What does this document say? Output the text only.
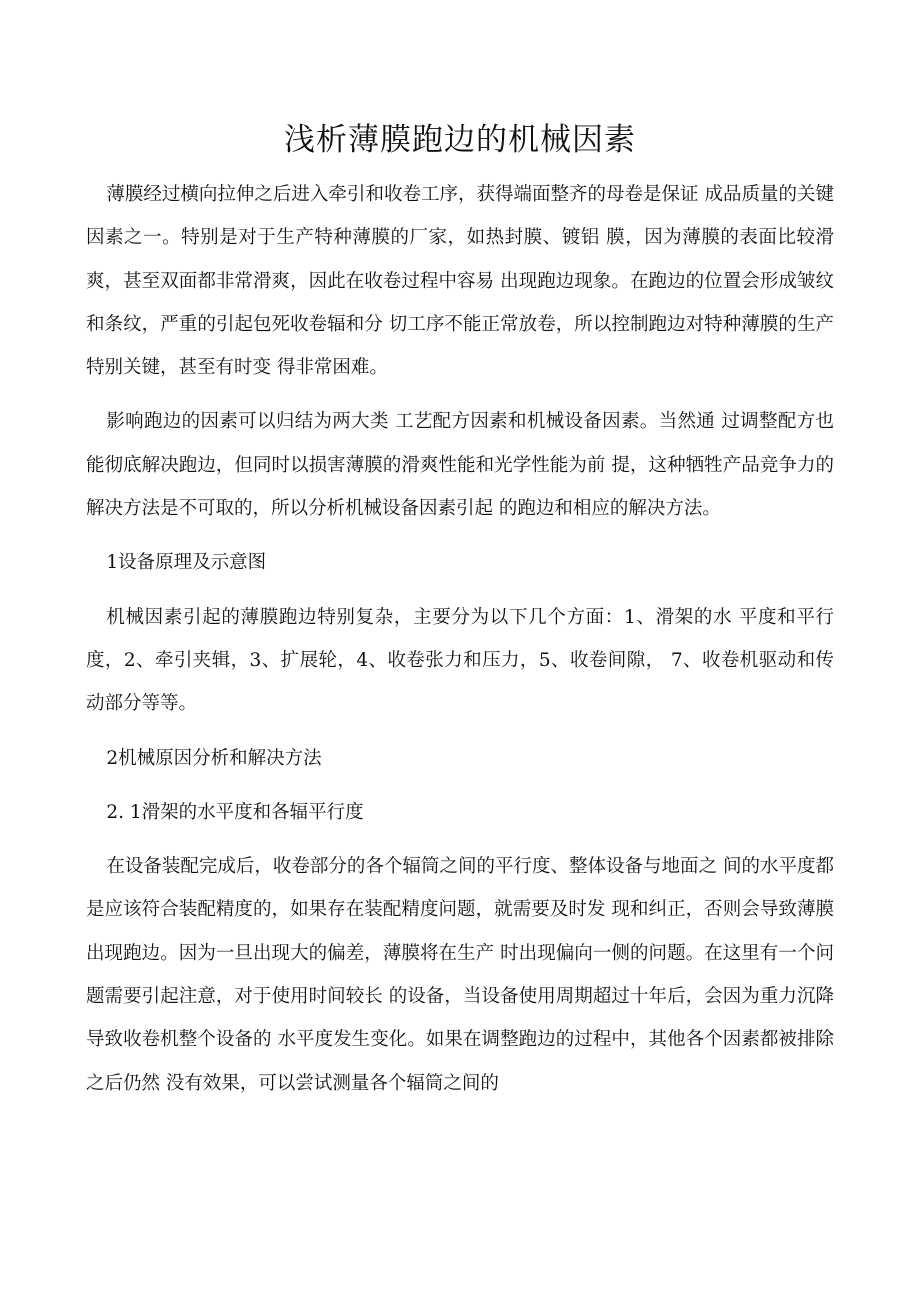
浅析薄膜跑边的机械因素

薄膜经过横向拉伸之后进入牵引和收卷工序，获得端面整齐的母卷是保证 成品质量的关键因素之一。特别是对于生产特种薄膜的厂家，如热封膜、镀铝 膜，因为薄膜的表面比较滑爽，甚至双面都非常滑爽，因此在收卷过程中容易 出现跑边现象。在跑边的位置会形成皱纹和条纹，严重的引起包死收卷辐和分 切工序不能正常放卷，所以控制跑边对特种薄膜的生产特别关键，甚至有时变 得非常困难。

影响跑边的因素可以归结为两大类 工艺配方因素和机械设备因素。当然通 过调整配方也能彻底解决跑边，但同时以损害薄膜的滑爽性能和光学性能为前 提，这种牺牲产品竞争力的解决方法是不可取的，所以分析机械设备因素引起 的跑边和相应的解决方法。

1设备原理及示意图

机械因素引起的薄膜跑边特别复杂，主要分为以下几个方面：1、滑架的水 平度和平行度，2、牵引夹辑，3、扩展轮，4、收卷张力和压力，5、收卷间隙， 7、收卷机驱动和传动部分等等。

2机械原因分析和解决方法

2. 1滑架的水平度和各辐平行度

在设备装配完成后，收卷部分的各个辐筒之间的平行度、整体设备与地面之 间的水平度都是应该符合装配精度的，如果存在装配精度问题，就需要及时发 现和纠正，否则会导致薄膜出现跑边。因为一旦出现大的偏差，薄膜将在生产 时出现偏向一侧的问题。在这里有一个问题需要引起注意，对于使用时间较长 的设备，当设备使用周期超过十年后，会因为重力沉降导致收卷机整个设备的 水平度发生变化。如果在调整跑边的过程中，其他各个因素都被排除之后仍然 没有效果，可以尝试测量各个辐筒之间的
